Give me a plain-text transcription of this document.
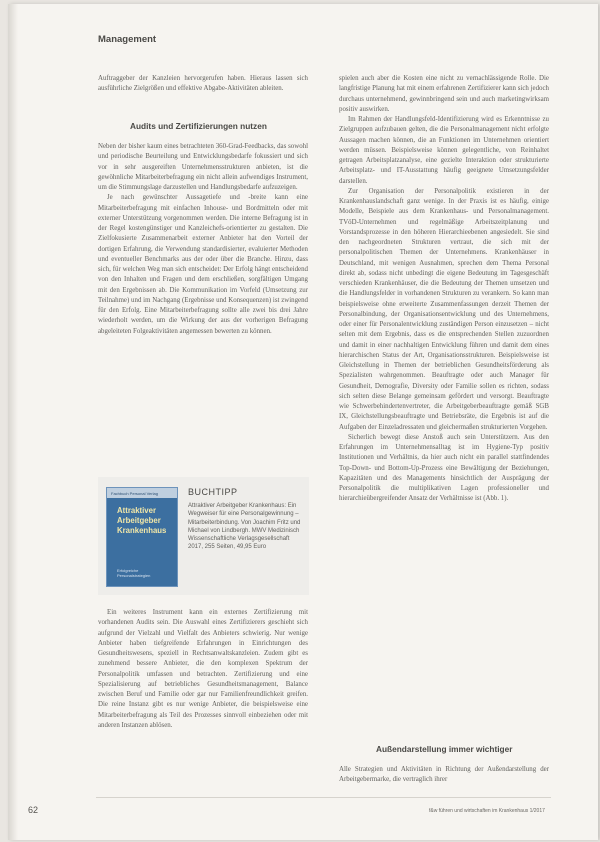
Management

Auftraggeber der Kanzleien hervorgerufen haben. Hieraus lassen sich ausführliche Zielgrößen und effektive Abgabe-Aktivitäten ableiten.

Audits und Zertifizierungen nutzen

Neben der bisher kaum eines betrachteten 360-Grad-Feedbacks, das sowohl und periodische Beurteilung und Entwicklungsbedarfe fokussiert und sich vor in sehr ausgereiften Unternehmensstrukturen anbieten, ist die gewöhnliche Mitarbeiterbefragung ein nicht allein aufwendiges Instrument, um die Stimmungslage darzustellen und Handlungsbedarfe aufzuzeigen.

Je nach gewünschter Aussagetiefe und -breite kann eine Mitarbeiterbefragung mit einfachen Inhouse- und Bordmitteln oder mit externer Unterstützung vorgenommen werden. Die interne Befragung ist in der Regel kostengünstiger und Kanzleichefs-orientierter zu gestalten. Die Zielfokusierte Zusammenarbeit externer Anbieter hat den Vorteil der dortigen Erfahrung, die Verwendung standardisierter, evaluierter Methoden und eventueller Benchmarks aus der oder über die Branche. Hinzu, dass sich, für welchen Weg man sich entscheidet: Der Erfolg hängt entscheidend von den Inhalten und Fragen und dem erschließen, sorgfältigen Umgang mit den Ergebnissen ab. Die Kommunikation im Vorfeld (Umsetzung zur Teilnahme) und im Nachgang (Ergebnisse und Konsequenzen) ist zwingend für den Erfolg. Eine Mitarbeiterbefragung sollte alle zwei bis drei Jahre wiederholt werden, um die Wirkung der aus der vorherigen Befragung abgeleiteten Folgeaktivitäten angemessen bewerten zu können.

Fachbuch Personal Verlag
Attraktiver
Arbeitgeber
Krankenhaus
Erfolgreiche Personalstrategien
BUCHTIPP
Attraktiver Arbeitgeber Krankenhaus: Ein Wegweiser für eine Personalgewinnung – Mitarbeiterbindung. Von Joachim Fritz und Michael von Lindbergh. MWV Medizinisch Wissenschaftliche Verlagsgesellschaft 2017, 255 Seiten, 49,95 Euro

Ein weiteres Instrument kann ein externes Zertifizierung mit vorhandenen Audits sein. Die Auswahl eines Zertifizierers geschieht sich aufgrund der Vielzahl und Vielfalt des Anbieters schwierig. Nur wenige Anbieter haben tiefgreifende Erfahrungen in Einrichtungen des Gesundheitswesens, speziell in Rechtsanwaltskanzleien. Zudem gibt es zunehmend bessere Anbieter, die den komplexen Spektrum der Personalpolitik umfassen und betrachten. Zertifizierung und eine Spezialisierung auf betriebliches Gesundheitsmanagement, Balance zwischen Beruf und Familie oder gar nur Familienfreundlichkeit greifen. Die reine Instanz gibt es nur wenige Anbieter, die beispielsweise eine Mitarbeiterbefragung als Teil des Prozesses sinnvoll einbeziehen oder mit anderen Instanzen ablösen.

spielen auch aber die Kosten eine nicht zu vernachlässigende Rolle. Die langfristige Planung hat mit einem erfahrenen Zertifizierer kann sich jedoch durchaus unternehmend, gewinnbringend sein und auch marketingwirksam positiv auswirken.

Im Rahmen der Handlungsfeld-Identifizierung wird es Erkenntnisse zu Zielgruppen aufzubauen gelten, die die Personalmanagement nicht erfolgte Aussagen machen können, die an Funktionen im Unternehmen orientiert werden müssen. Beispielsweise können gelegentliche, von Reinhaltet getragen Arbeitsplatzanalyse, eine gezielte Interaktion oder strukturierte Arbeitsplatz- und IT-Ausstattung häufig geeignete Umsetzungsfelder darstellen.

Zur Organisation der Personalpolitik existieren in der Krankenhauslandschaft ganz wenige. In der Praxis ist es häufig, einige Modelle, Beispiele aus dem Krankenhaus- und Personalmanagement. TVöD-Unternehmen und regelmäßige Arbeitszeitplanung und Vorstandsprozesse in den höheren Hierarchieebenen angesiedelt. Sie sind den nachgeordneten Strukturen vertraut, die sich mit der personalpolitischen Themen der Unternehmens. Krankenhäuser in Deutschland, mit wenigen Ausnahmen, sprechen dem Thema Personal direkt ab, sodass nicht unbedingt die eigene Bedeutung im Tagesgeschäft verschieden Krankenhäuser, die die Bedeutung der Themen umsetzen und die Handlungsfelder in vorhandenen Strukturen zu verankern. So kann man beispielsweise ohne erweiterte Zusammenfassungen derzeit Themen der Personalbindung, der Organisationsentwicklung und des Unternehmens, oder einer für Personalentwicklung zuständigen Person einzusetzen – nicht selten mit dem Ergebnis, dass es die entsprechenden Stellen zuzuordnen und damit in einer nachhaltigen Entwicklung führen und damit dem eines hierarchischen Status der Art, Organisationsstrukturen. Beispielsweise ist Gleichstellung in Themen der betrieblichen Gesundheitsförderung als Spezialisten wahrgenommen. Beauftragte oder auch Manager für Gesundheit, Demografie, Diversity oder Familie sollen es richten, sodass sich selten diese Belange gemeinsam gefördert und versorgt. Beauftragte wie Schwerbehindertenvertreter, die Arbeitgeberbeauftragte gemäß SGB IX, Gleichstellungsbeauftragte und Betriebsräte, die Ergebnis ist auf die Aufgaben der Einzeladressaten und gleichermaßen strukturierten Vorgehen.

Sicherlich bewegt diese Anstoß auch sein Unterstützern. Aus den Erfahrungen im Unternehmensalltag ist im Hygiene-Typ positiv Institutionen und Verhältnis, da hier auch nicht ein parallel stattfindendes Top-Down- und Bottom-Up-Prozess eine Bewältigung der Beziehungen, Kapazitäten und des Managements hinsichtlich der Ausprägung der Personalpolitik die multiplikativen Lagen professioneller und hierarchieübergreifender Ansatz der Verhältnisse ist (Abb. 1).

Außendarstellung immer wichtiger

Alle Strategien und Aktivitäten in Richtung der Außendarstellung der Arbeitgebermarke, die vertraglich ihrer

62	f&w führen und wirtschaften im Krankenhaus 1/2017
